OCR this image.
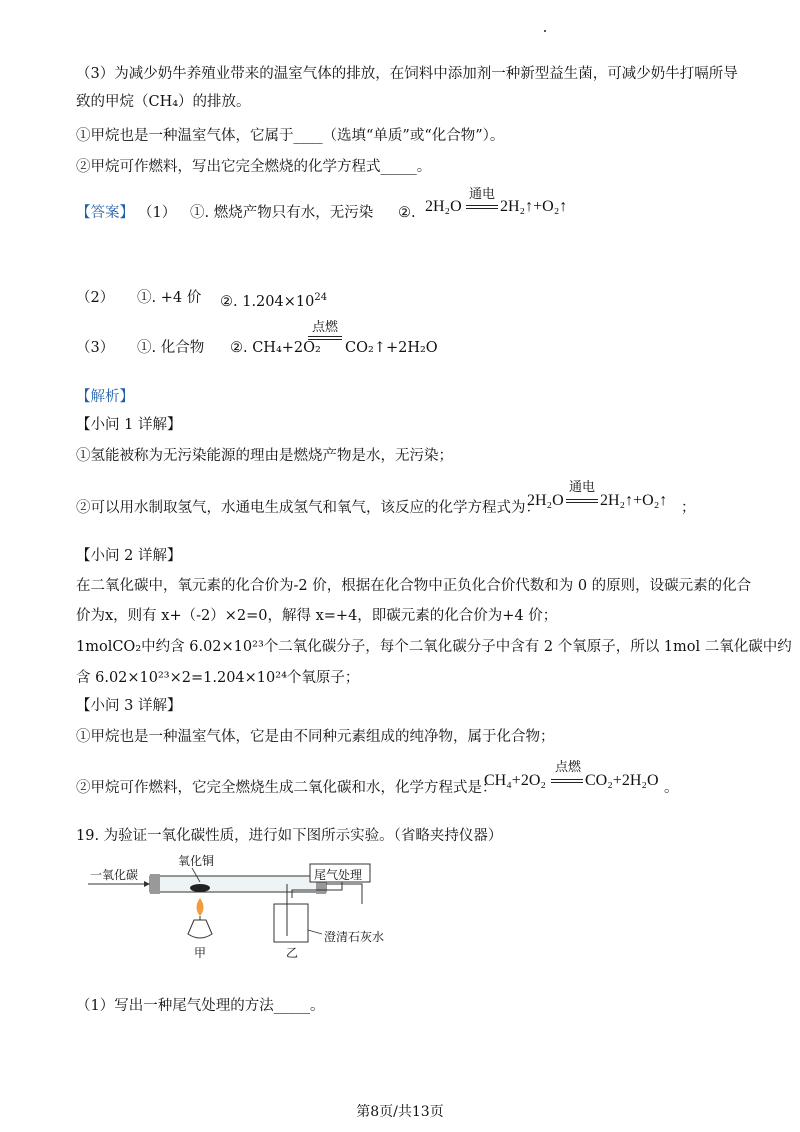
（3）为减少奶牛养殖业带来的温室气体的排放，在饲料中添加剂一种新型益生菌，可减少奶牛打嗝所导
致的甲烷（CH₄）的排放。
①甲烷也是一种温室气体，它属于____（选填“单质”或“化合物”）。
②甲烷可作燃料，写出它完全燃烧的化学方程式_____。
【答案】 （1） ①. 燃烧产物只有水，无污染 ②. 2H₂O
通电
2H₂↑+O₂↑
（2） ①. +4 价 ②. $1.204\times 10^{24}$
（3） ①. 化合物 ②. CH₄+2O₂
点燃
CO₂↑+2H₂O
【解析】
【小问 1 详解】
①氢能被称为无污染能源的理由是燃烧产物是水，无污染；
②可以用水制取氢气，水通电生成氢气和氧气，该反应的化学方程式为：
2H₂O
通电
2H₂↑+O₂↑ ；
【小问 2 详解】
在二氧化碳中，氧元素的化合价为-2 价，根据在化合物中正负化合价代数和为 0 的原则，设碳元素的化合
价为x，则有 x+（-2）×2=0，解得 x=+4，即碳元素的化合价为+4 价；
1molCO₂中约含 6.02×10²³个二氧化碳分子，每个二氧化碳分子中含有 2 个氧原子，所以 1mol 二氧化碳中约
含 6.02×10²³×2=1.204×10²⁴个氧原子；
【小问 3 详解】
①甲烷也是一种温室气体，它是由不同种元素组成的纯净物，属于化合物；
②甲烷可作燃料，它完全燃烧生成二氧化碳和水，化学方程式是：
CH₄+2O₂
点燃
CO₂+2H₂O 。
19. 为验证一氧化碳性质，进行如下图所示实验。（省略夹持仪器）
一氧化碳
氧化铜
尾气处理
澄清石灰水
甲	乙
（1）写出一种尾气处理的方法_____。
第8页/共13页
